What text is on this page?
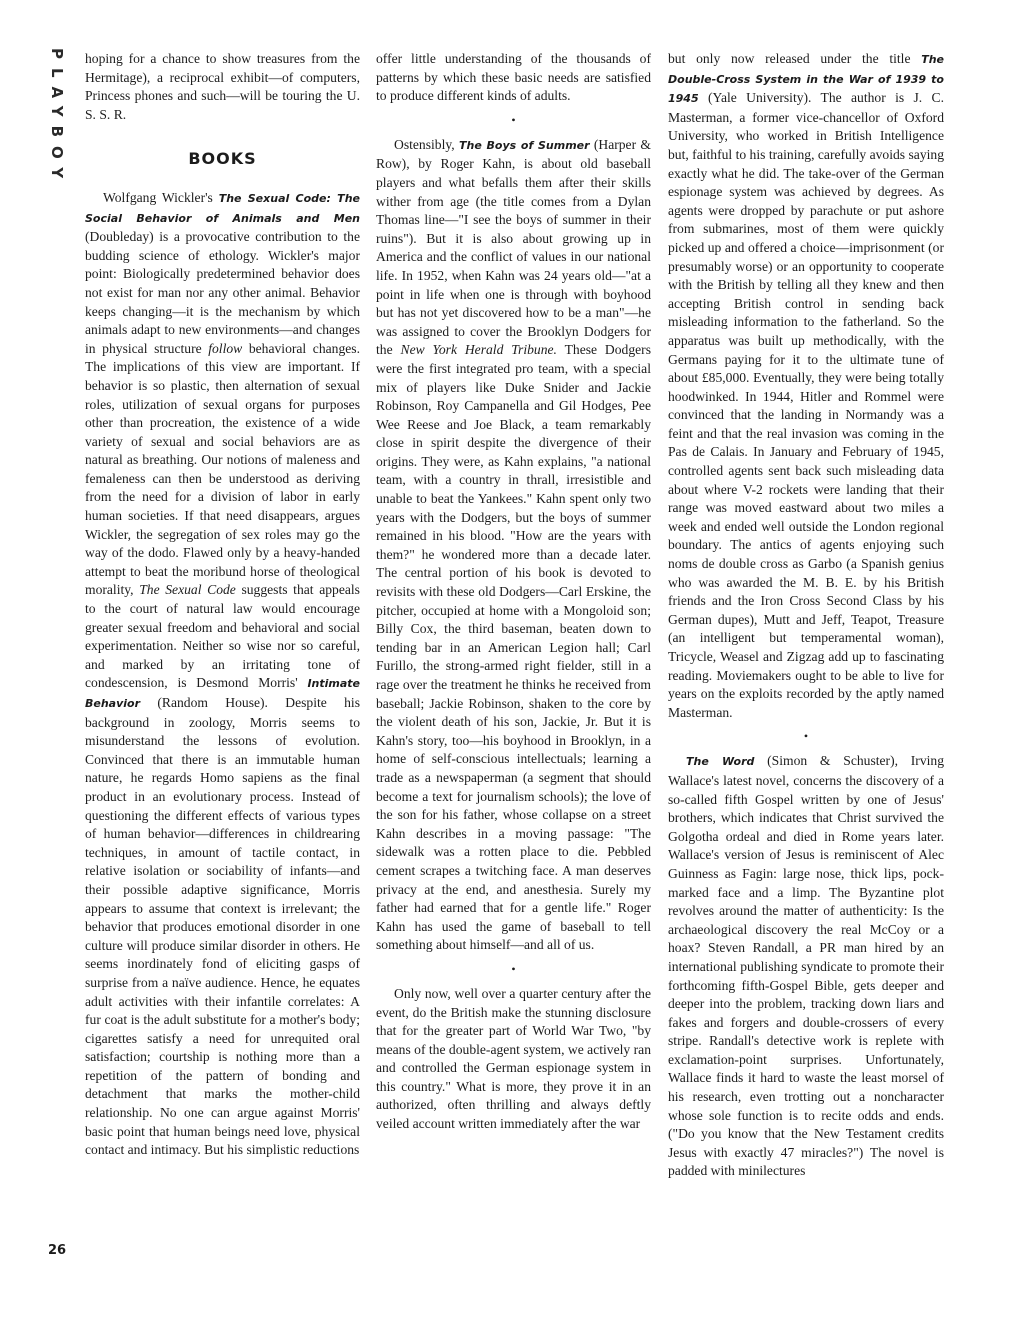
PLAYBOY
26

hoping for a chance to show treasures from the Hermitage), a reciprocal exhibit—of computers, Princess phones and such—will be touring the U. S. S. R.

BOOKS

Wolfgang Wickler's The Sexual Code: The Social Behavior of Animals and Men (Doubleday) is a provocative contribution to the budding science of ethology. Wickler's major point: Biologically predetermined behavior does not exist for man nor any other animal. Behavior keeps changing—it is the mechanism by which animals adapt to new environments—and changes in physical structure follow behavioral changes. The implications of this view are important. If behavior is so plastic, then alternation of sexual roles, utilization of sexual organs for purposes other than procreation, the existence of a wide variety of sexual and social behaviors are as natural as breathing. Our notions of maleness and femaleness can then be understood as deriving from the need for a division of labor in early human societies. If that need disappears, argues Wickler, the segregation of sex roles may go the way of the dodo. Flawed only by a heavy-handed attempt to beat the moribund horse of theological morality, The Sexual Code suggests that appeals to the court of natural law would encourage greater sexual freedom and behavioral and social experimentation. Neither so wise nor so careful, and marked by an irritating tone of condescension, is Desmond Morris' Intimate Behavior (Random House). Despite his background in zoology, Morris seems to misunderstand the lessons of evolution. Convinced that there is an immutable human nature, he regards Homo sapiens as the final product in an evolutionary process. Instead of questioning the different effects of various types of human behavior—differences in childrearing techniques, in amount of tactile contact, in relative isolation or sociability of infants—and their possible adaptive significance, Morris appears to assume that context is irrelevant; the behavior that produces emotional disorder in one culture will produce similar disorder in others. He seems inordinately fond of eliciting gasps of surprise from a naïve audience. Hence, he equates adult activities with their infantile correlates: A fur coat is the adult substitute for a mother's body; cigarettes satisfy a need for unrequited oral satisfaction; courtship is nothing more than a repetition of the pattern of bonding and detachment that marks the mother-child relationship. No one can argue against Morris' basic point that human beings need love, physical contact and intimacy. But his simplistic reductions

offer little understanding of the thousands of patterns by which these basic needs are satisfied to produce different kinds of adults.

•

Ostensibly, The Boys of Summer (Harper & Row), by Roger Kahn, is about old baseball players and what befalls them after their skills wither from age (the title comes from a Dylan Thomas line—"I see the boys of summer in their ruins"). But it is also about growing up in America and the conflict of values in our national life. In 1952, when Kahn was 24 years old—"at a point in life when one is through with boyhood but has not yet discovered how to be a man"—he was assigned to cover the Brooklyn Dodgers for the New York Herald Tribune. These Dodgers were the first integrated pro team, with a special mix of players like Duke Snider and Jackie Robinson, Roy Campanella and Gil Hodges, Pee Wee Reese and Joe Black, a team remarkably close in spirit despite the divergence of their origins. They were, as Kahn explains, "a national team, with a country in thrall, irresistible and unable to beat the Yankees." Kahn spent only two years with the Dodgers, but the boys of summer remained in his blood. "How are the years with them?" he wondered more than a decade later. The central portion of his book is devoted to revisits with these old Dodgers—Carl Erskine, the pitcher, occupied at home with a Mongoloid son; Billy Cox, the third baseman, beaten down to tending bar in an American Legion hall; Carl Furillo, the strong-armed right fielder, still in a rage over the treatment he thinks he received from baseball; Jackie Robinson, shaken to the core by the violent death of his son, Jackie, Jr. But it is Kahn's story, too—his boyhood in Brooklyn, in a home of self-conscious intellectuals; learning a trade as a newspaperman (a segment that should become a text for journalism schools); the love of the son for his father, whose collapse on a street Kahn describes in a moving passage: "The sidewalk was a rotten place to die. Pebbled cement scrapes a twitching face. A man deserves privacy at the end, and anesthesia. Surely my father had earned that for a gentle life." Roger Kahn has used the game of baseball to tell something about himself—and all of us.

•

Only now, well over a quarter century after the event, do the British make the stunning disclosure that for the greater part of World War Two, "by means of the double-agent system, we actively ran and controlled the German espionage system in this country." What is more, they prove it in an authorized, often thrilling and always deftly veiled account written immediately after the war

but only now released under the title The Double-Cross System in the War of 1939 to 1945 (Yale University). The author is J. C. Masterman, a former vice-chancellor of Oxford University, who worked in British Intelligence but, faithful to his training, carefully avoids saying exactly what he did. The take-over of the German espionage system was achieved by degrees. As agents were dropped by parachute or put ashore from submarines, most of them were quickly picked up and offered a choice—imprisonment (or presumably worse) or an opportunity to cooperate with the British by telling all they knew and then accepting British control in sending back misleading information to the fatherland. So the apparatus was built up methodically, with the Germans paying for it to the ultimate tune of about £85,000. Eventually, they were being totally hoodwinked. In 1944, Hitler and Rommel were convinced that the landing in Normandy was a feint and that the real invasion was coming in the Pas de Calais. In January and February of 1945, controlled agents sent back such misleading data about where V-2 rockets were landing that their range was moved eastward about two miles a week and ended well outside the London regional boundary. The antics of agents enjoying such noms de double cross as Garbo (a Spanish genius who was awarded the M. B. E. by his British friends and the Iron Cross Second Class by his German dupes), Mutt and Jeff, Teapot, Treasure (an intelligent but temperamental woman), Tricycle, Weasel and Zigzag add up to fascinating reading. Moviemakers ought to be able to live for years on the exploits recorded by the aptly named Masterman.

•

The Word (Simon & Schuster), Irving Wallace's latest novel, concerns the discovery of a so-called fifth Gospel written by one of Jesus' brothers, which indicates that Christ survived the Golgotha ordeal and died in Rome years later. Wallace's version of Jesus is reminiscent of Alec Guinness as Fagin: large nose, thick lips, pock-marked face and a limp. The Byzantine plot revolves around the matter of authenticity: Is the archaeological discovery the real McCoy or a hoax? Steven Randall, a PR man hired by an international publishing syndicate to promote their forthcoming fifth-Gospel Bible, gets deeper and deeper into the problem, tracking down liars and fakes and forgers and double-crossers of every stripe. Randall's detective work is replete with exclamation-point surprises. Unfortunately, Wallace finds it hard to waste the least morsel of his research, even trotting out a noncharacter whose sole function is to recite odds and ends. ("Do you know that the New Testament credits Jesus with exactly 47 miracles?") The novel is padded with minilectures
